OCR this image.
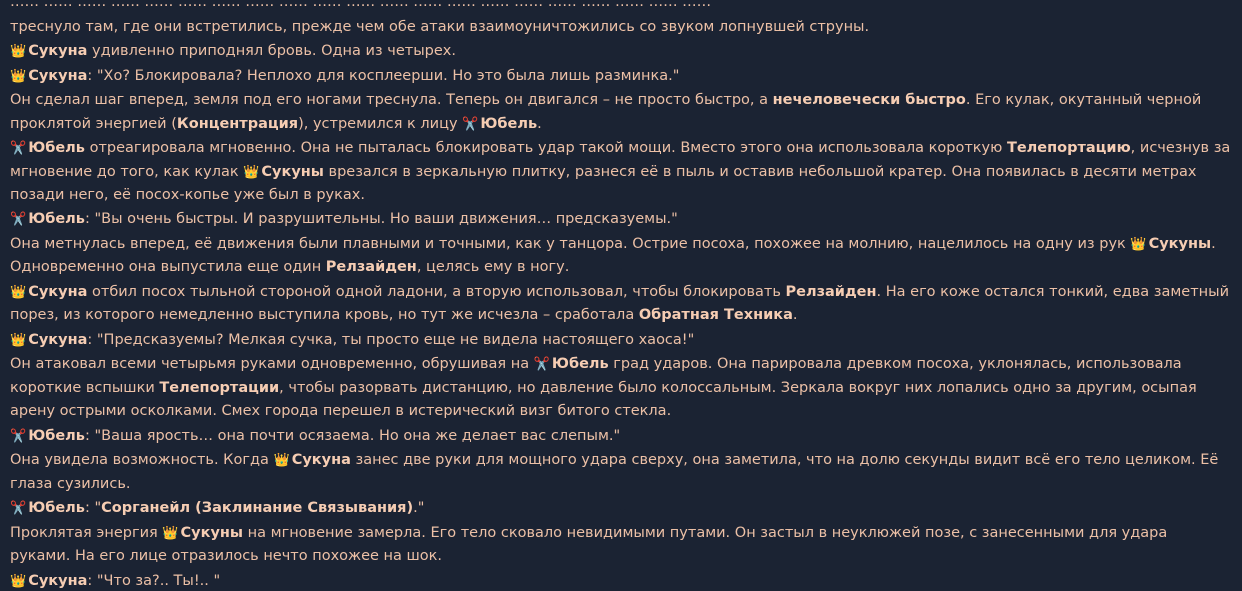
…… …… …… …… …… …… …… …… …… …… …… …… …… …… …… …… …… …… …… …… ……
треснуло там, где они встретились, прежде чем обе атаки взаимоуничтожились со звуком лопнувшей струны.
👑 Сукуна удивленно приподнял бровь. Одна из четырех.
👑 Сукуна: "Хо? Блокировала? Неплохо для косплеерши. Но это была лишь разминка."
Он сделал шаг вперед, земля под его ногами треснула. Теперь он двигался – не просто быстро, а нечеловечески быстро. Его кулак, окутанный черной проклятой энергией (Концентрация), устремился к лицу ✂️ Юбель.
✂️ Юбель отреагировала мгновенно. Она не пыталась блокировать удар такой мощи. Вместо этого она использовала короткую Телепортацию, исчезнув за мгновение до того, как кулак 👑 Сукуны врезался в зеркальную плитку, разнеся её в пыль и оставив небольшой кратер. Она появилась в десяти метрах позади него, её посох-копье уже был в руках.
✂️ Юбель: "Вы очень быстры. И разрушительны. Но ваши движения… предсказуемы."
Она метнулась вперед, её движения были плавными и точными, как у танцора. Острие посоха, похожее на молнию, нацелилось на одну из рук 👑 Сукуны. Одновременно она выпустила еще один Релзайден, целясь ему в ногу.
👑 Сукуна отбил посох тыльной стороной одной ладони, а вторую использовал, чтобы блокировать Релзайден. На его коже остался тонкий, едва заметный порез, из которого немедленно выступила кровь, но тут же исчезла – сработала Обратная Техника.
👑 Сукуна: "Предсказуемы? Мелкая сучка, ты просто еще не видела настоящего хаоса!"
Он атаковал всеми четырьмя руками одновременно, обрушивая на ✂️ Юбель град ударов. Она парировала древком посоха, уклонялась, использовала короткие вспышки Телепортации, чтобы разорвать дистанцию, но давление было колоссальным. Зеркала вокруг них лопались одно за другим, осыпая арену острыми осколками. Смех города перешел в истерический визг битого стекла.
✂️ Юбель: "Ваша ярость… она почти осязаема. Но она же делает вас слепым."
Она увидела возможность. Когда 👑 Сукуна занес две руки для мощного удара сверху, она заметила, что на долю секунды видит всё его тело целиком. Её глаза сузились.
✂️ Юбель: "Сорганейл (Заклинание Связывания)."
Проклятая энергия 👑 Сукуны на мгновение замерла. Его тело сковало невидимыми путами. Он застыл в неуклюжей позе, с занесенными для удара руками. На его лице отразилось нечто похожее на шок.
👑 Сукуна: "Что за?.. Ты!.. "
